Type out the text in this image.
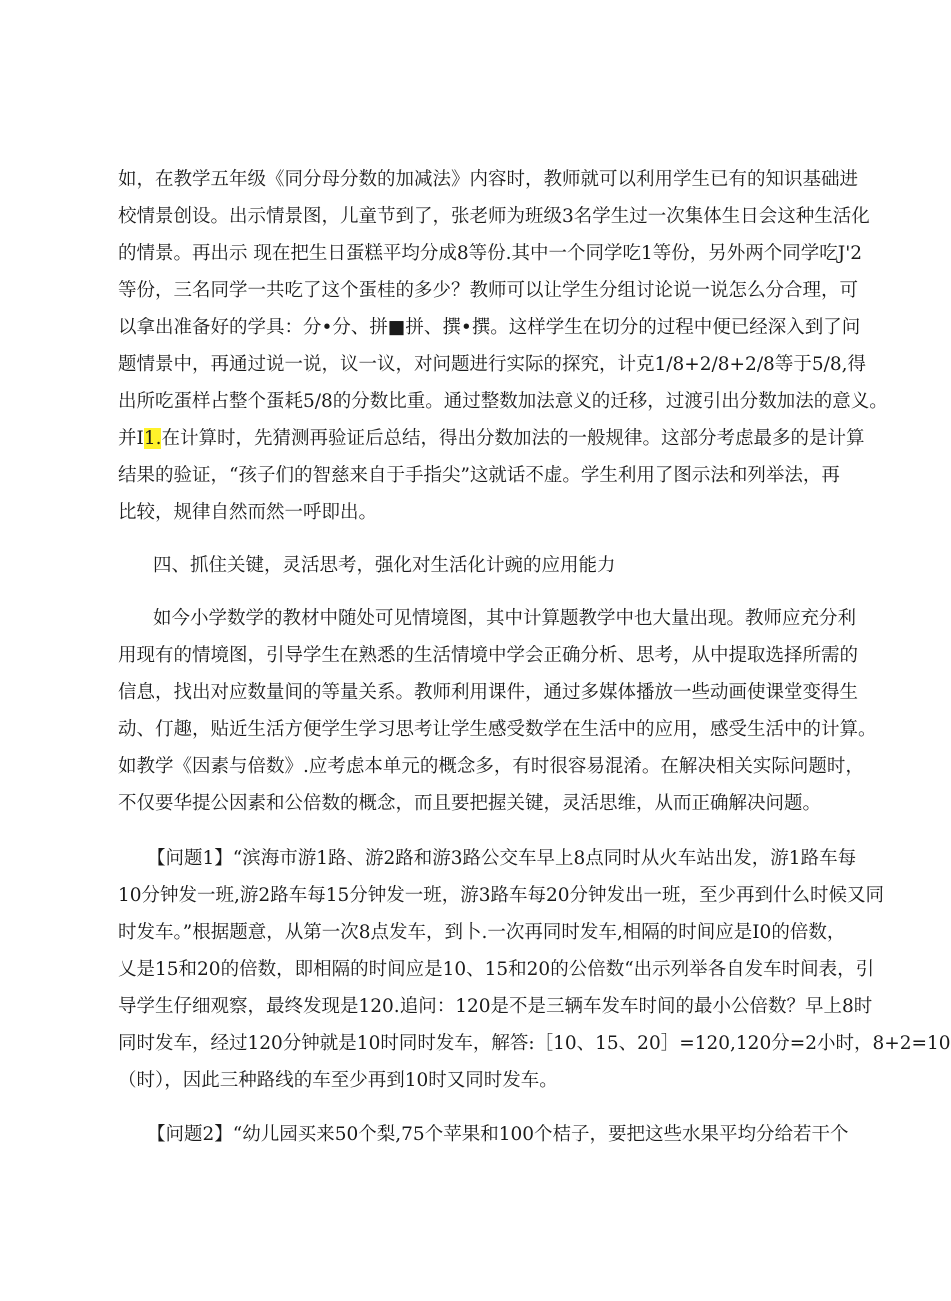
如，在教学五年级《同分母分数的加减法》内容时，教师就可以利用学生已有的知识基础进
校情景创设。出示情景图，儿童节到了，张老师为班级3名学生过一次集体生日会这种生活化
的情景。再出示 现在把生日蛋糕平均分成8等份.其中一个同学吃1等份，另外两个同学吃J'2
等份，三名同学一共吃了这个蛋桂的多少？教师可以让学生分组讨论说一说怎么分合理，可
以拿出准备好的学具：分•分、拼■拼、撰•撰。这样学生在切分的过程中便已经深入到了问
题情景中，再通过说一说，议一议，对问题进行实际的探究，计克1/8+2/8+2/8等于5/8,得
出所吃蛋样占整个蛋耗5/8的分数比重。通过整数加法意义的迁移，过渡引出分数加法的意义。
并I1.在计算时，先猜测再验证后总结，得出分数加法的一般规律。这部分考虑最多的是计算
结果的验证，“孩子们的智慈来自于手指尖”这就话不虚。学生利用了图示法和列举法，再
比较，规律自然而然一呼即出。
四、抓住关键，灵活思考，强化对生活化计豌的应用能力
如今小学数学的教材中随处可见情境图，其中计算题教学中也大量出现。教师应充分利
用现有的情境图，引导学生在熟悉的生活情境中学会正确分析、思考，从中提取选择所需的
信息，找出对应数量间的等量关系。教师利用课件，通过多媒体播放一些动画使课堂变得生
动、仃趣，贴近生活方便学生学习思考让学生感受数学在生活中的应用，感受生活中的计算。
如教学《因素与倍数》.应考虑本单元的概念多，有时很容易混淆。在解决相关实际问题时，
不仅要华提公因素和公倍数的概念，而且要把握关键，灵活思维，从而正确解决问题。
【问题1】“滨海市游1路、游2路和游3路公交车早上8点同时从火车站出发，游1路车每
10分钟发一班,游2路车每15分钟发一班，游3路车每20分钟发出一班，至少再到什么时候又同
时发车。”根据题意，从第一次8点发车，到卜.一次再同时发车,相隔的时间应是I0的倍数，
乂是15和20的倍数，即相隔的时间应是10、15和20的公倍数“出示列举各自发车时间表，引
导学生仔细观察，最终发现是120.追问：120是不是三辆车发车时间的最小公倍数？早上8时
同时发车，经过120分钟就是10时同时发车，解答:［10、15、20］=120,120分=2小时，8+2=10
（时），因此三种路线的车至少再到10时又同时发车。
【问题2】“幼儿园买来50个梨,75个苹果和100个桔子，要把这些水果平均分给若干个
